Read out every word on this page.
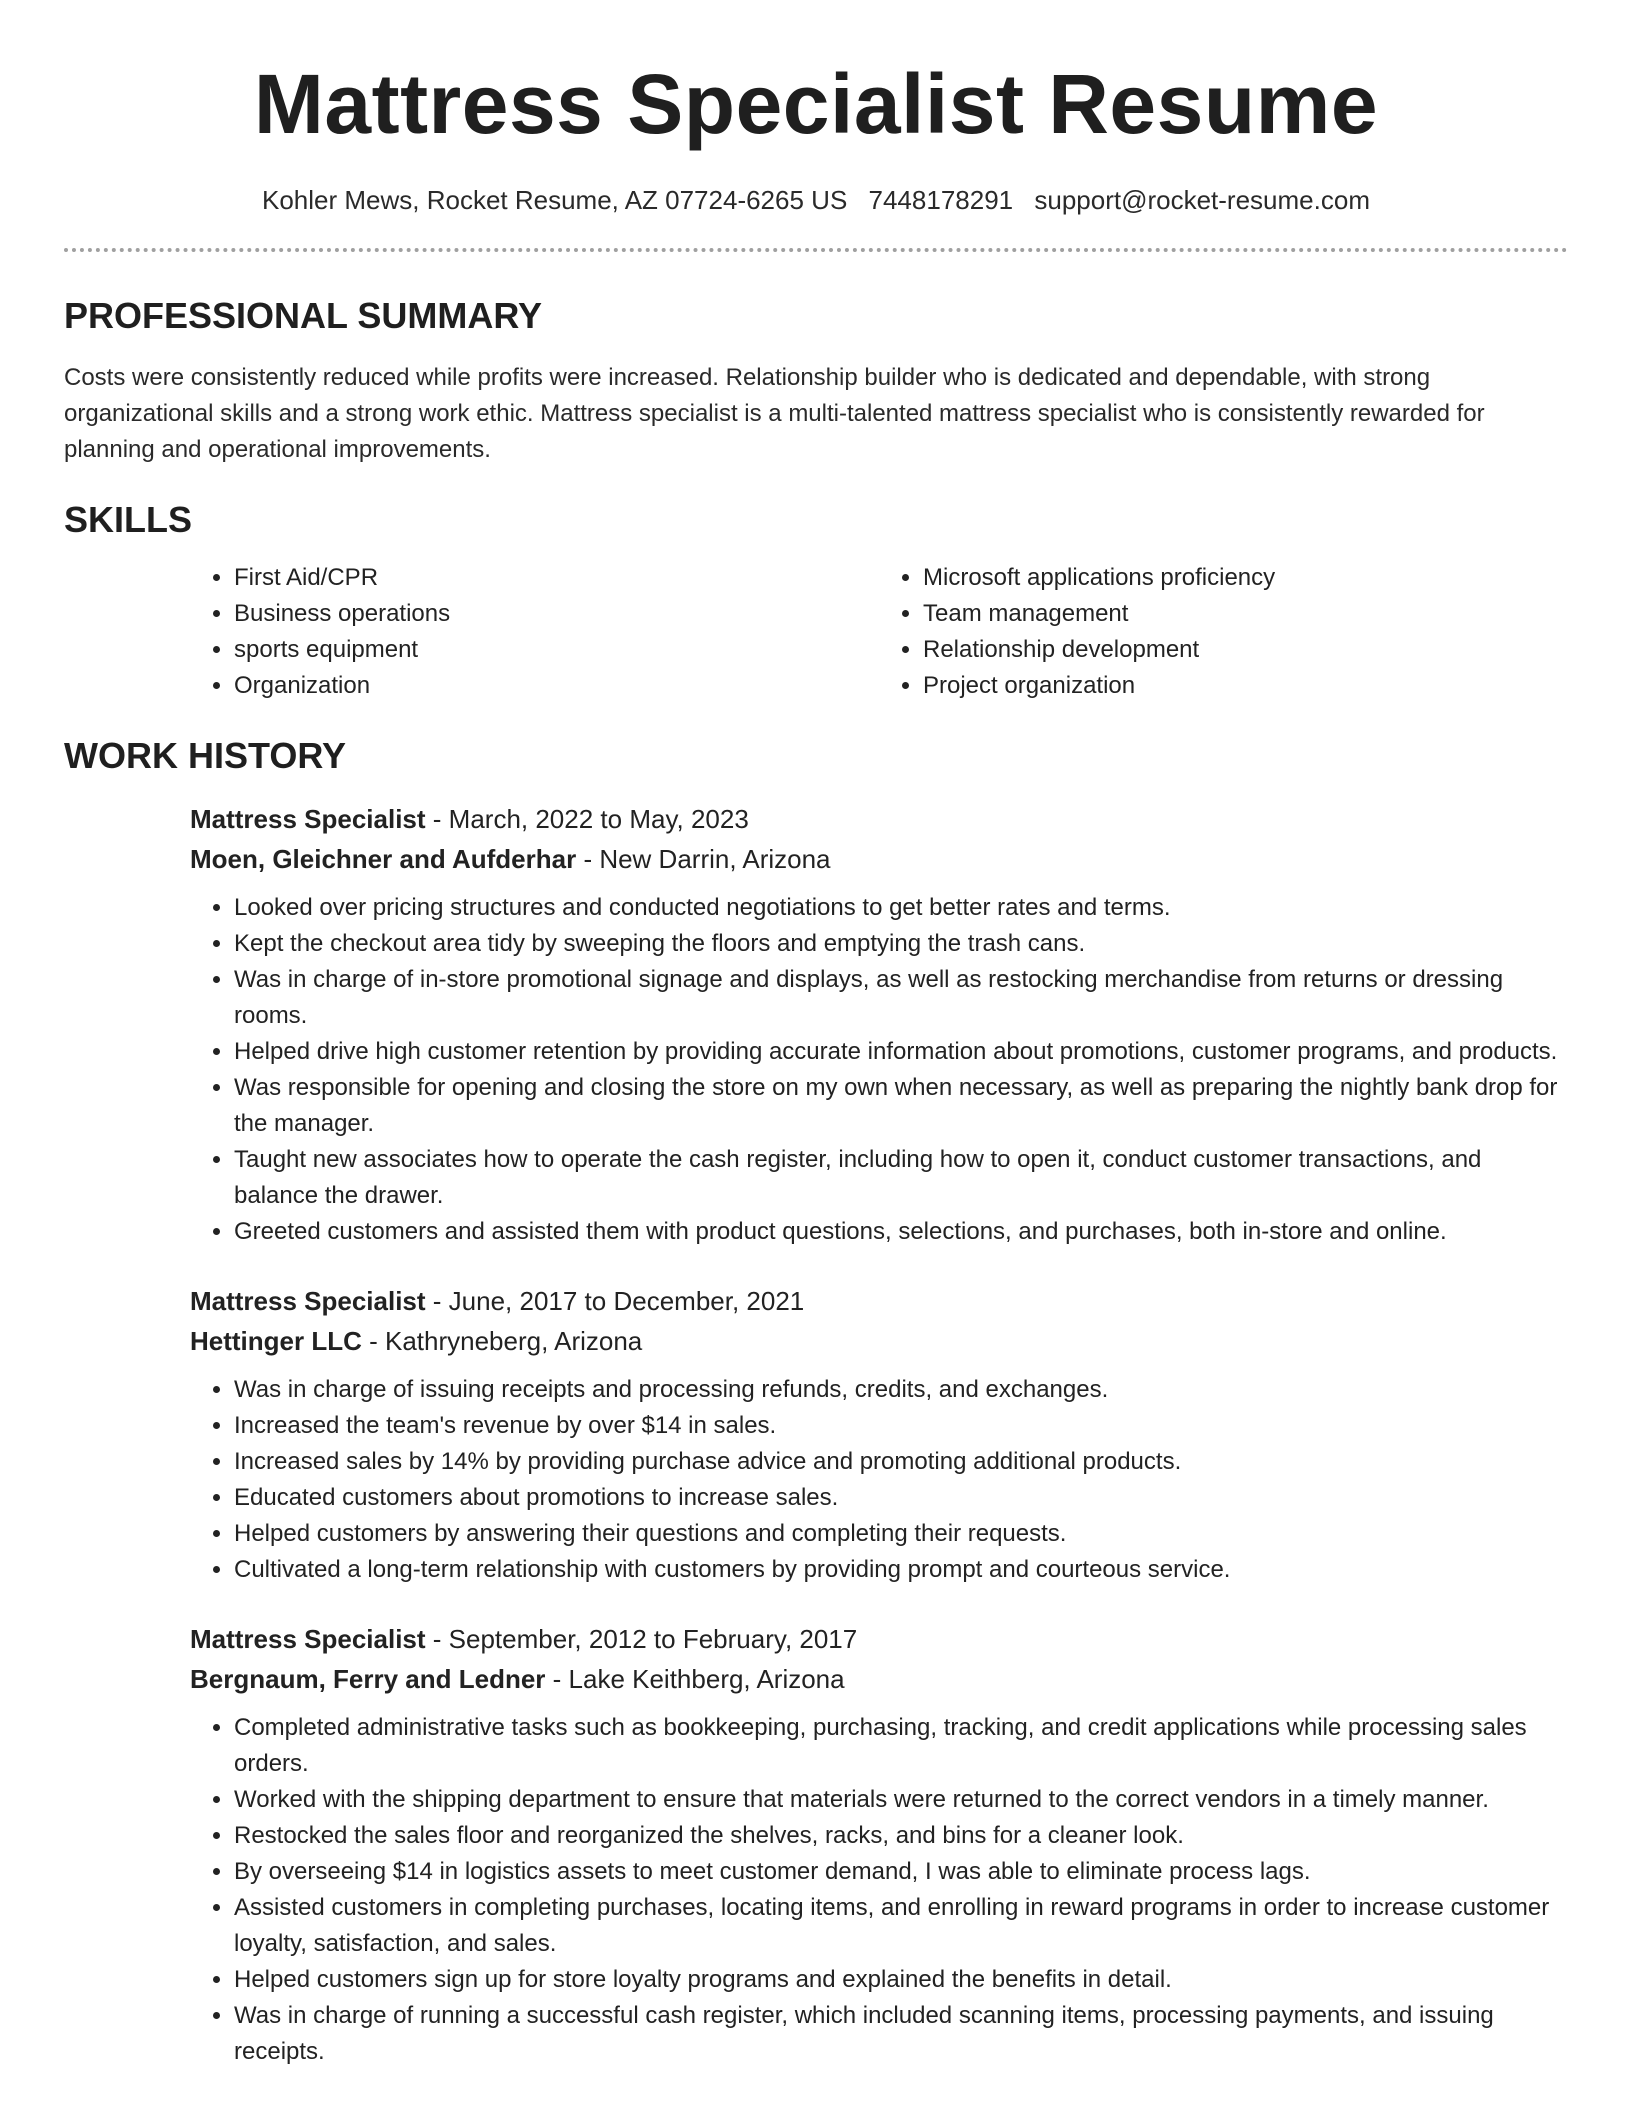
Mattress Specialist Resume
Kohler Mews, Rocket Resume, AZ 07724-6265 US 7448178291 support@rocket-resume.com
PROFESSIONAL SUMMARY

Costs were consistently reduced while profits were increased. Relationship builder who is dedicated and dependable, with strong organizational skills and a strong work ethic. Mattress specialist is a multi-talented mattress specialist who is consistently rewarded for planning and operational improvements.

SKILLS
• First Aid/CPR
• Business operations
• sports equipment
• Organization
• Microsoft applications proficiency
• Team management
• Relationship development
• Project organization
WORK HISTORY

Mattress Specialist - March, 2022 to May, 2023

Moen, Gleichner and Aufderhar - New Darrin, Arizona

• Looked over pricing structures and conducted negotiations to get better rates and terms.
• Kept the checkout area tidy by sweeping the floors and emptying the trash cans.
• Was in charge of in-store promotional signage and displays, as well as restocking merchandise from returns or dressing rooms.
• Helped drive high customer retention by providing accurate information about promotions, customer programs, and products.
• Was responsible for opening and closing the store on my own when necessary, as well as preparing the nightly bank drop for the manager.
• Taught new associates how to operate the cash register, including how to open it, conduct customer transactions, and balance the drawer.
• Greeted customers and assisted them with product questions, selections, and purchases, both in-store and online.

Mattress Specialist - June, 2017 to December, 2021

Hettinger LLC - Kathryneberg, Arizona

• Was in charge of issuing receipts and processing refunds, credits, and exchanges.
• Increased the team's revenue by over $14 in sales.
• Increased sales by 14% by providing purchase advice and promoting additional products.
• Educated customers about promotions to increase sales.
• Helped customers by answering their questions and completing their requests.
• Cultivated a long-term relationship with customers by providing prompt and courteous service.

Mattress Specialist - September, 2012 to February, 2017

Bergnaum, Ferry and Ledner - Lake Keithberg, Arizona

• Completed administrative tasks such as bookkeeping, purchasing, tracking, and credit applications while processing sales orders.
• Worked with the shipping department to ensure that materials were returned to the correct vendors in a timely manner.
• Restocked the sales floor and reorganized the shelves, racks, and bins for a cleaner look.
• By overseeing $14 in logistics assets to meet customer demand, I was able to eliminate process lags.
• Assisted customers in completing purchases, locating items, and enrolling in reward programs in order to increase customer loyalty, satisfaction, and sales.
• Helped customers sign up for store loyalty programs and explained the benefits in detail.
• Was in charge of running a successful cash register, which included scanning items, processing payments, and issuing receipts.
